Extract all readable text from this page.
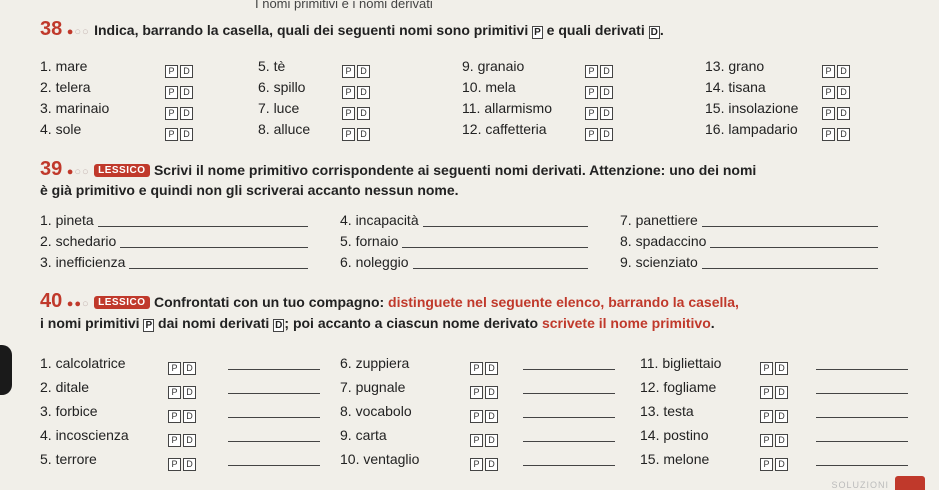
I nomi primitivi e i nomi derivati
38 ●○○ Indica, barrando la casella, quali dei seguenti nomi sono primitivi P e quali derivati D .
1. mare	P D
2. telera	P D
3. marinaio	P D
4. sole	P D
5. tè	P D
6. spillo	P D
7. luce	P D
8. alluce	P D
9. granaio	P D
10. mela	P D
11. allarmismo	P D
12. caffetteria	P D
13. grano	P D
14. tisana	P D
15. insolazione	P D
16. lampadario	P D
39 ●○○ LESSICO Scrivi il nome primitivo corrispondente ai seguenti nomi derivati. Attenzione: uno dei nomi
è già primitivo e quindi non gli scriverai accanto nessun nome.
1. pineta
2. schedario
3. inefficienza
4. incapacità
5. fornaio
6. noleggio
7. panettiere
8. spadaccino
9. scienziato
40 ●●○ LESSICO Confrontati con un tuo compagno: distinguete nel seguente elenco, barrando la casella,
i nomi primitivi P dai nomi derivati D ; poi accanto a ciascun nome derivato scrivete il nome primitivo.
1. calcolatrice	P D
2. ditale	P D
3. forbice	P D
4. incoscienza	P D
5. terrore	P D
6. zuppiera	P D
7. pugnale	P D
8. vocabolo	P D
9. carta	P D
10. ventaglio	P D
11. bigliettaio	P D
12. fogliame	P D
13. testa	P D
14. postino	P D
15. melone	P D
SOLUZIONI
